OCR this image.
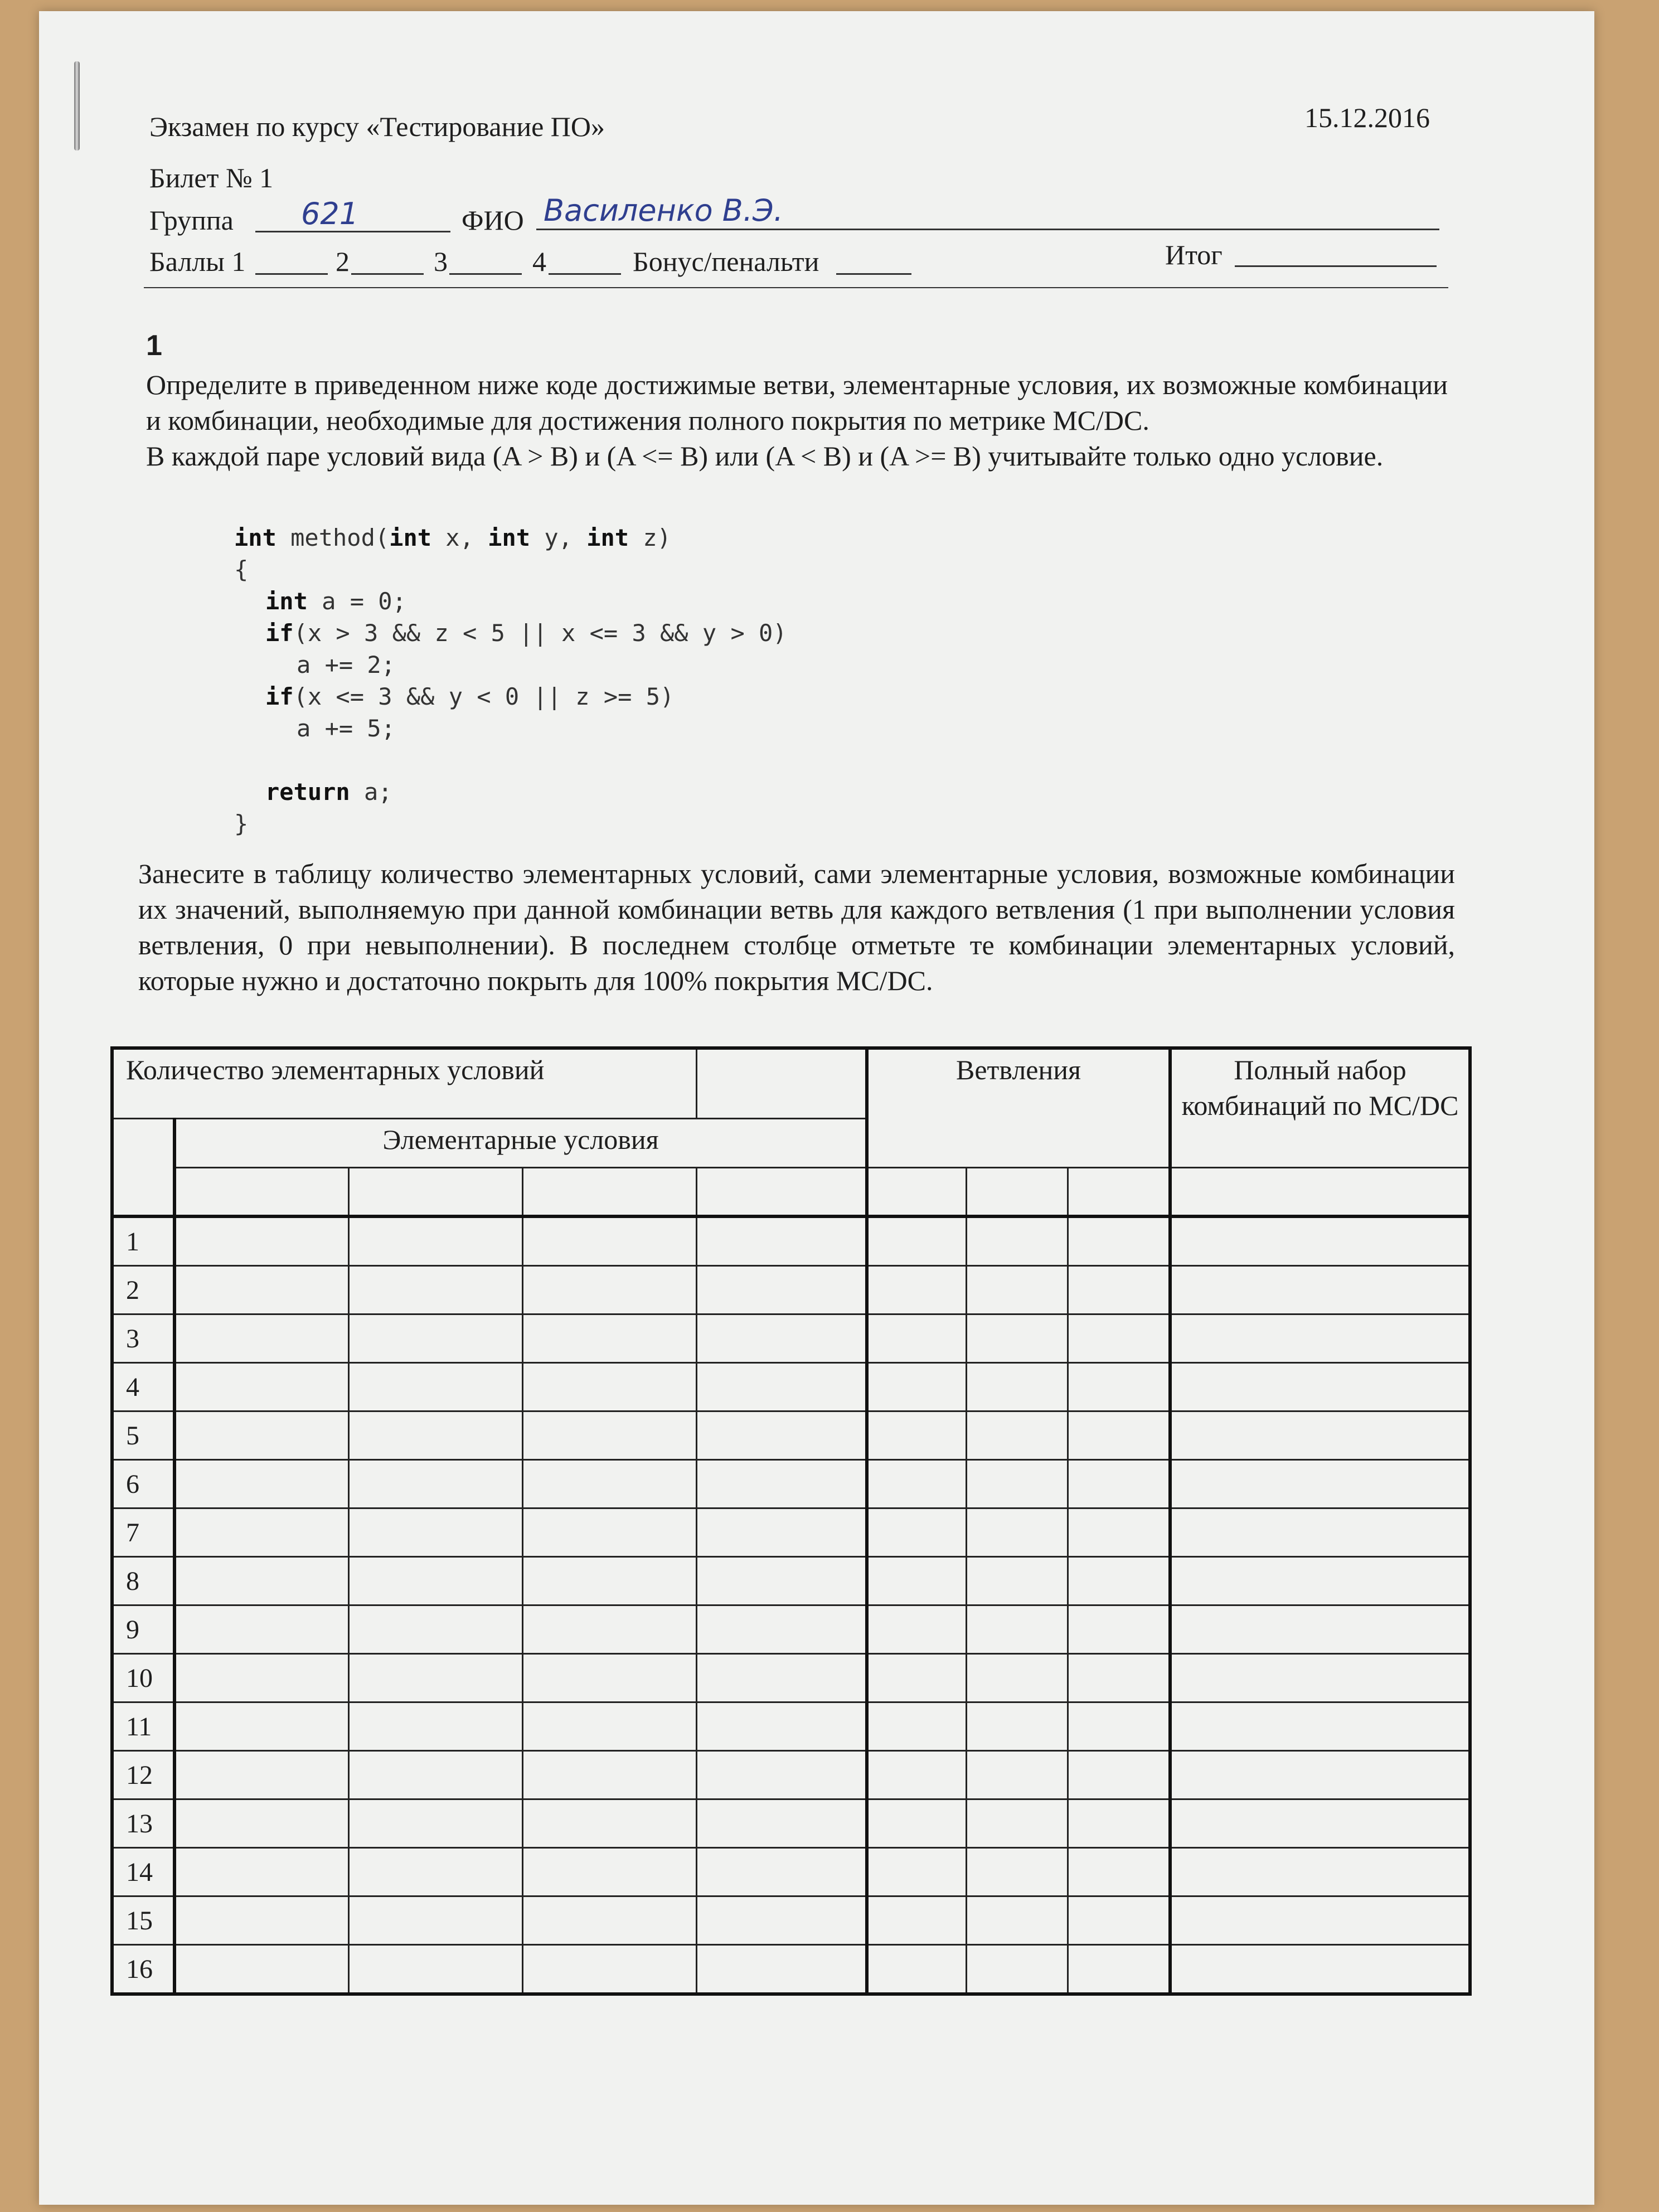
Экзамен по курсу «Тестирование ПО»	15.12.2016
Билет № 1
Группа 621	ФИО Василенко В.Э.
Баллы 1	2	3	4	Бонус/пенальти	Итог
1
Определите в приведенном ниже коде достижимые ветви, элементарные условия, их возможные комбинации и комбинации, необходимые для достижения полного покрытия по метрике MC/DC.
В каждой паре условий вида (A > B) и (A <= B) или (A < B) и (A >= B) учитывайте только одно условие.
int method(int x, int y, int z)
{
int a = 0;
if(x > 3 && z < 5 || x <= 3 && y > 0)
a += 2;
if(x <= 3 && y < 0 || z >= 5)
a += 5;
return a;
}
Занесите в таблицу количество элементарных условий, сами элементарные условия, возможные комбинации их значений, выполняемую при данной комбинации ветвь для каждого ветвления (1 при выполнении условия ветвления, 0 при невыполнении). В последнем столбце отметьте те комбинации элементарных условий, которые нужно и достаточно покрыть для 100% покрытия MC/DC.
Количество элементарных условий					Ветвления			Полный набор комбинаций по MC/DC
	Элементарные условия							

1								
2								
3								
4								
5								
6								
7								
8								
9								
10								
11								
12								
13								
14								
15								
16								
